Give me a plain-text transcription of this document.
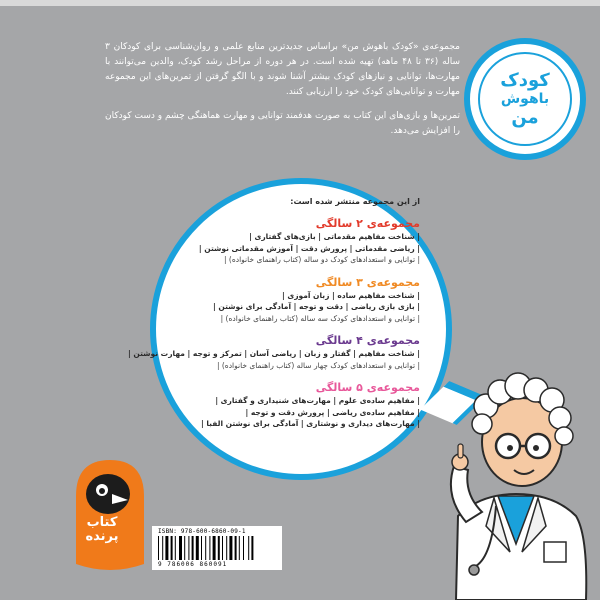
مجموعه‌ی «کودک باهوش من» براساس جدیدترین منابع علمی و روان‌شناسی برای کودکان ۳ ساله (۳۶ تا ۴۸ ماهه) تهیه شده است. در هر دوره از مراحل رشد کودک، والدین می‌توانند با مهارت‌ها، توانایی و نیازهای کودک بیشتر آشنا شوند و با الگو گرفتن از تمرین‌های این مجموعه مهارت و توانایی‌های کودک خود را ارزیابی کنند.

تمرین‌ها و بازی‌های این کتاب به صورت هدفمند توانایی و مهارت هماهنگی چشم و دست کودکان را افزایش می‌دهد.

کودک
باهوش
من
از این مجموعه منتشر شده است:
مجموعه‌ی ۲ سالگی
| شناخت مفاهیم مقدماتی | بازی‌های گفتاری |
| ریاضی مقدماتی | پرورش دقت | آموزش مقدماتی نوشتن |
| توانایی و استعدادهای کودک دو ساله (کتاب راهنمای خانواده) |
مجموعه‌ی ۳ سالگی
| شناخت مفاهیم ساده | زبان آموزی |
| بازی بازی ریاضی | دقت و توجه | آمادگی برای نوشتن |
| توانایی و استعدادهای کودک سه ساله (کتاب راهنمای خانواده) |
مجموعه‌ی ۴ سالگی
| شناخت مفاهیم | گفتار و زبان | ریاضی آسان | تمرکز و توجه | مهارت نوشتن |
| توانایی و استعدادهای کودک چهار ساله (کتاب راهنمای خانواده) |
مجموعه‌ی ۵ سالگی
| مفاهیم ساده‌ی علوم | مهارت‌های شنیداری و گفتاری |
| مفاهیم ساده‌ی ریاضی | پرورش دقت و توجه |
| مهارت‌های دیداری و نوشتاری | آمادگی برای نوشتن الفبا |
کتاب
پرنده	ISBN: 978-600-6860-09-1
9 786006 860091
